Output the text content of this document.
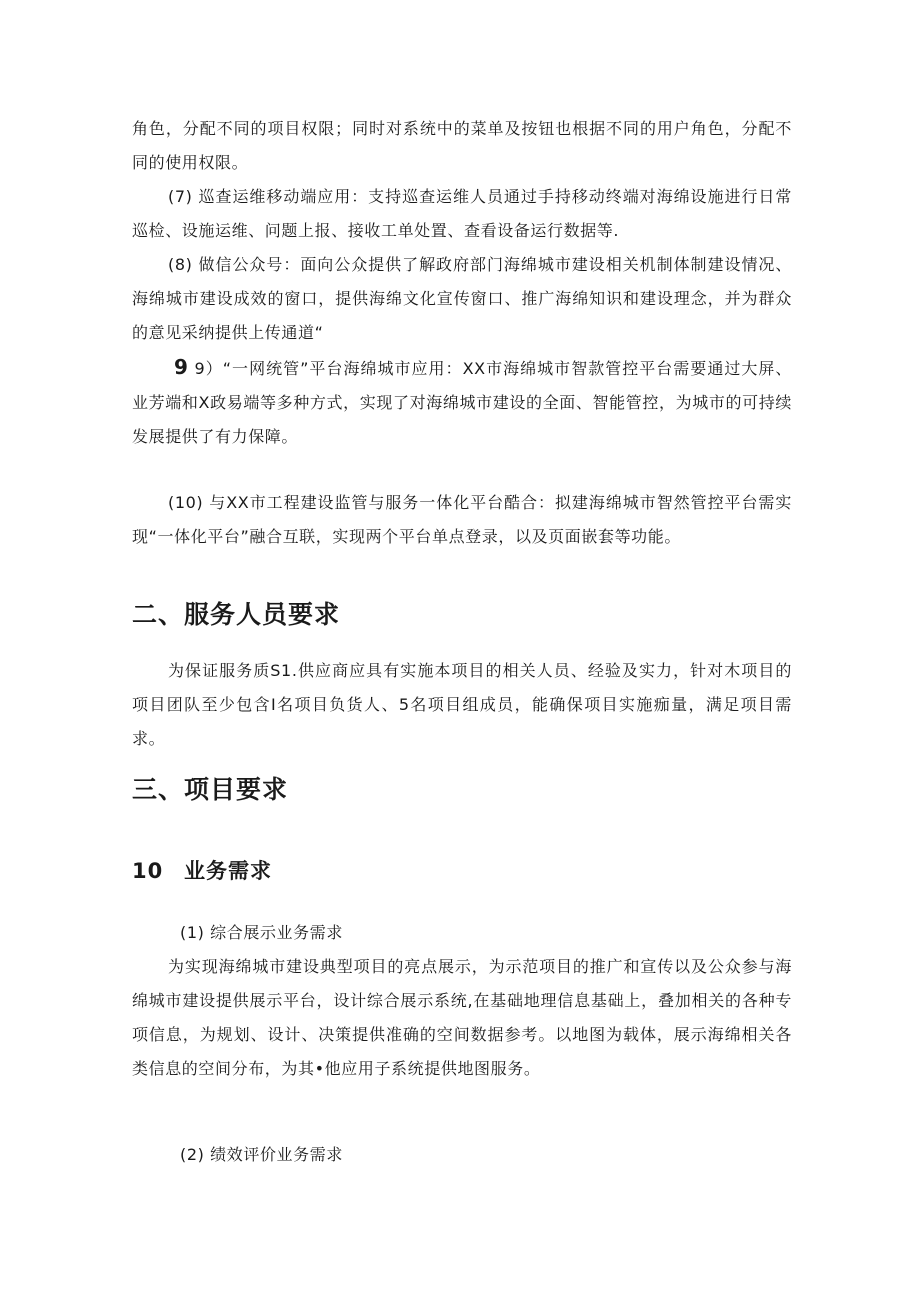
角色，分配不同的项目权限；同时对系统中的菜单及按钮也根据不同的用户角色，分配不同的使用权限。

(7) 巡查运维移动端应用：支持巡查运维人员通过手持移动终端对海绵设施进行日常巡检、设施运维、问题上报、接收工单处置、查看设备运行数据等.

(8) 做信公众号：面向公众提供了解政府部门海绵城市建设相关机制体制建设情况、海绵城市建设成效的窗口，提供海绵文化宣传窗口、推广海绵知识和建设理念，并为群众的意见采纳提供上传通道“

9 9）“一网统管”平台海绵城市应用：XX市海绵城市智款管控平台需要通过大屏、业芳端和X政易端等多种方式，实现了对海绵城市建设的全面、智能管控，为城市的可持续发展提供了有力保障。

(10) 与XX市工程建设监管与服务一体化平台酷合：拟建海绵城市智然管控平台需实现“一体化平台”融合互联，实现两个平台单点登录，以及页面嵌套等功能。

二、服务人员要求

为保证服务质S1.供应商应具有实施本项目的相关人员、经验及实力，针对木项目的项目团队至少包含I名项目负货人、5名项目组成员，能确保项目实施痂量，满足项目需求。

三、项目要求
10 业务需求

(1) 综合展示业务需求

为实现海绵城市建设典型项目的亮点展示，为示范项目的推广和宣传以及公众参与海绵城市建设提供展示平台，设计综合展示系统,在基础地理信息基础上，叠加相关的各种专项信息，为规划、设计、决策提供准确的空间数据参考。以地图为载体，展示海绵相关各类信息的空间分布，为其•他应用子系统提供地图服务。

(2) 绩效评价业务需求
